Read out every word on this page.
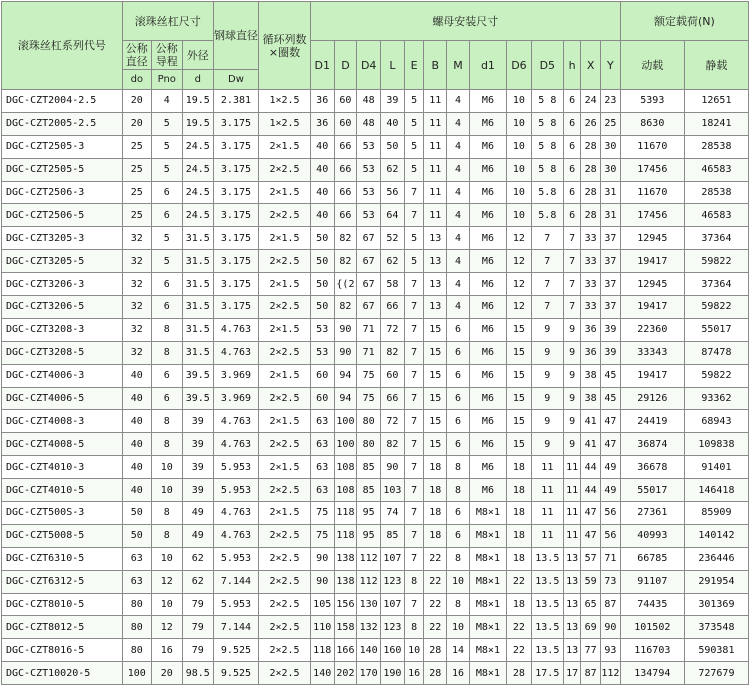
滚珠丝杠系列代号	滚珠丝杠尺寸			钢球直径	循环列数×圈数	螺母安装尺寸													额定载荷(N)	
	公称直径	公称导程	外径			D1	D	D4	L	E	B	M	d1	D6	D5	h	X	Y	动载	静载
	do	Pno	d	Dw																
DGC-CZT2004-2.5	20	4	19.5	2.381	1×2.5	36	60	48	39	5	11	4	M6	10	5 8	6	24	23	5393	12651
DGC-CZT2005-2.5	20	5	19.5	3.175	1×2.5	36	60	48	40	5	11	4	M6	10	5 8	6	26	25	8630	18241
DGC-CZT2505-3	25	5	24.5	3.175	2×1.5	40	66	53	50	5	11	4	M6	10	5 8	6	28	30	11670	28538
DGC-CZT2505-5	25	5	24.5	3.175	2×2.5	40	66	53	62	5	11	4	M6	10	5 8	6	28	30	17456	46583
DGC-CZT2506-3	25	6	24.5	3.175	2×1.5	40	66	53	56	7	11	4	M6	10	5.8	6	28	31	11670	28538
DGC-CZT2506-5	25	6	24.5	3.175	2×2.5	40	66	53	64	7	11	4	M6	10	5.8	6	28	31	17456	46583
DGC-CZT3205-3	32	5	31.5	3.175	2×1.5	50	82	67	52	5	13	4	M6	12	7	7	33	37	12945	37364
DGC-CZT3205-5	32	5	31.5	3.175	2×2.5	50	82	67	62	5	13	4	M6	12	7	7	33	37	19417	59822
DGC-CZT3206-3	32	6	31.5	3.175	2×1.5	50	{(2	67	58	7	13	4	M6	12	7	7	33	37	12945	37364
DGC-CZT3206-5	32	6	31.5	3.175	2×2.5	50	82	67	66	7	13	4	M6	12	7	7	33	37	19417	59822
DGC-CZT3208-3	32	8	31.5	4.763	2×1.5	53	90	71	72	7	15	6	M6	15	9	9	36	39	22360	55017
DGC-CZT3208-5	32	8	31.5	4.763	2×2.5	53	90	71	82	7	15	6	M6	15	9	9	36	39	33343	87478
DGC-CZT4006-3	40	6	39.5	3.969	2×1.5	60	94	75	60	7	15	6	M6	15	9	9	38	45	19417	59822
DGC-CZT4006-5	40	6	39.5	3.969	2×2.5	60	94	75	66	7	15	6	M6	15	9	9	38	45	29126	93362
DGC-CZT4008-3	40	8	39	4.763	2×1.5	63	100	80	72	7	15	6	M6	15	9	9	41	47	24419	68943
DGC-CZT4008-5	40	8	39	4.763	2×2.5	63	100	80	82	7	15	6	M6	15	9	9	41	47	36874	109838
DGC-CZT4010-3	40	10	39	5.953	2×1.5	63	108	85	90	7	18	8	M6	18	11	11	44	49	36678	91401
DGC-CZT4010-5	40	10	39	5.953	2×2.5	63	108	85	103	7	18	8	M6	18	11	11	44	49	55017	146418
DGC-CZT500S-3	50	8	49	4.763	2×1.5	75	118	95	74	7	18	6	M8×1	18	11	11	47	56	27361	85909
DGC-CZT5008-5	50	8	49	4.763	2×2.5	75	118	95	85	7	18	6	M8×1	18	11	11	47	56	40993	140142
DGC-CZT6310-5	63	10	62	5.953	2×2.5	90	138	112	107	7	22	8	M8×1	18	13.5	13	57	71	66785	236446
DGC-CZT6312-5	63	12	62	7.144	2×2.5	90	138	112	123	8	22	10	M8×1	22	13.5	13	59	73	91107	291954
DGC-CZT8010-5	80	10	79	5.953	2×2.5	105	156	130	107	7	22	8	M8×1	18	13.5	13	65	87	74435	301369
DGC-CZT8012-5	80	12	79	7.144	2×2.5	110	158	132	123	8	22	10	M8×1	22	13.5	13	69	90	101502	373548
DGC-CZT8016-5	80	16	79	9.525	2×2.5	118	166	140	160	10	28	14	M8×1	22	13.5	13	77	93	116703	590381
DGC-CZT10020-5	100	20	98.5	9.525	2×2.5	140	202	170	190	16	28	16	M8×1	28	17.5	17	87	112	134794	727679
